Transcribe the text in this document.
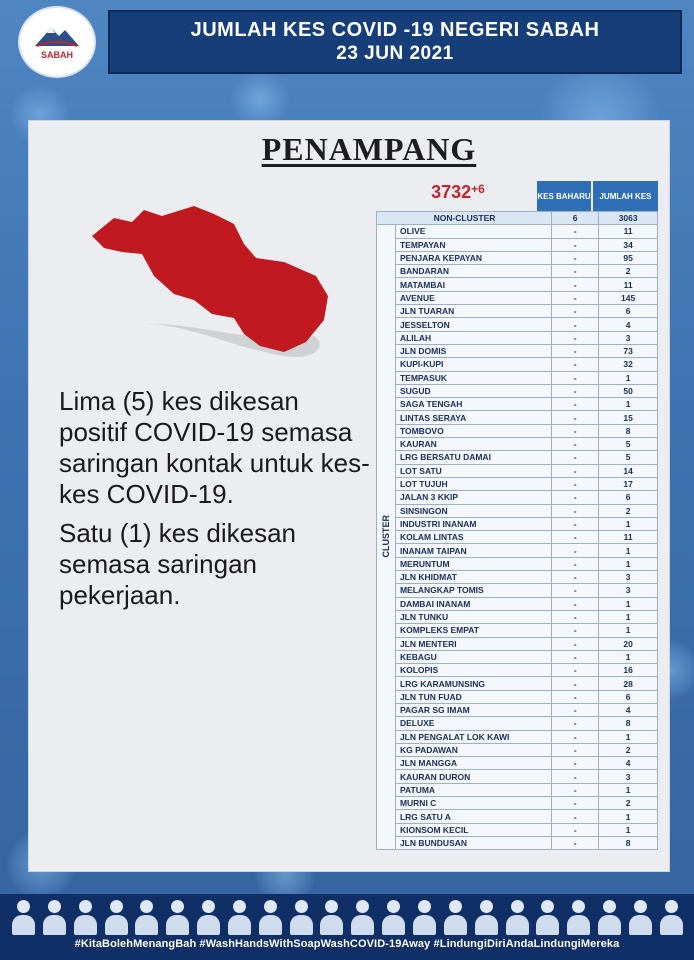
SABAH
JUMLAH KES COVID -19 NEGERI SABAH
23 JUN 2021
PENAMPANG

Lima (5) kes dikesan positif COVID-19 semasa saringan kontak untuk kes-kes COVID-19.

Satu (1) kes dikesan semasa saringan pekerjaan.

$3732^{+6}$
KES BAHARU	JUMLAH KES
NON-CLUSTER		6	3063
CLUSTER	OLIVE	-	11
	TEMPAYAN	-	34
	PENJARA KEPAYAN	-	95
	BANDARAN	-	2
	MATAMBAI	-	11
	AVENUE	-	145
	JLN TUARAN	-	6
	JESSELTON	-	4
	ALILAH	-	3
	JLN DOMIS	-	73
	KUPI-KUPI	-	32
	TEMPASUK	-	1
	SUGUD	-	50
	SAGA TENGAH	-	1
	LINTAS SERAYA	-	15
	TOMBOVO	-	8
	KAURAN	-	5
	LRG BERSATU DAMAI	-	5
	LOT SATU	-	14
	LOT TUJUH	-	17
	JALAN 3 KKIP	-	6
	SINSINGON	-	2
	INDUSTRI INANAM	-	1
	KOLAM LINTAS	-	11
	INANAM TAIPAN	-	1
	MERUNTUM	-	1
	JLN KHIDMAT	-	3
	MELANGKAP TOMIS	-	3
	DAMBAI INANAM	-	1
	JLN TUNKU	-	1
	KOMPLEKS EMPAT	-	1
	JLN MENTERI	-	20
	KEBAGU	-	1
	KOLOPIS	-	16
	LRG KARAMUNSING	-	28
	JLN TUN FUAD	-	6
	PAGAR SG IMAM	-	4
	DELUXE	-	8
	JLN PENGALAT LOK KAWI	-	1
	KG PADAWAN	-	2
	JLN MANGGA	-	4
	KAURAN DURON	-	3
	PATUMA	-	1
	MURNI C	-	2
	LRG SATU A	-	1
	KIONSOM KECIL	-	1
	JLN BUNDUSAN	-	8
#KitaBolehMenangBah #WashHandsWithSoapWashCOVID-19Away #LindungiDiriAndaLindungiMereka
